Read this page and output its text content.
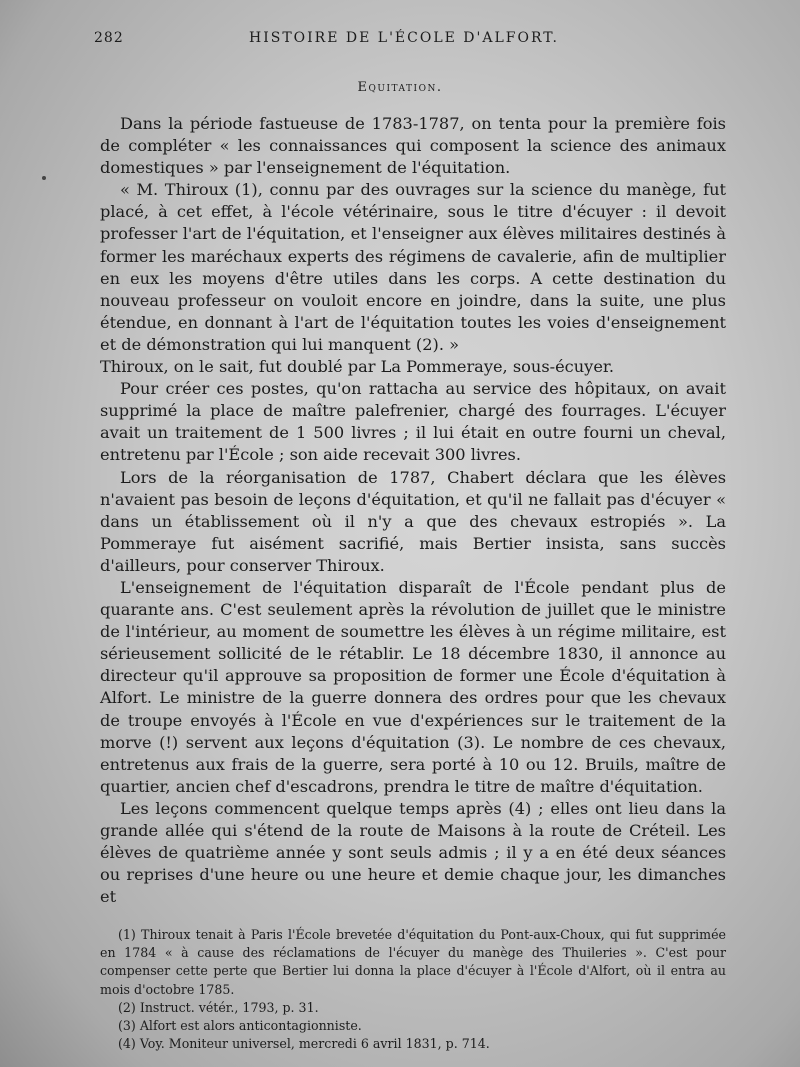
282	HISTOIRE DE L'ÉCOLE D'ALFORT.
Equitation.

Dans la période fastueuse de 1783-1787, on tenta pour la première fois de compléter « les connaissances qui composent la science des animaux domestiques » par l'enseignement de l'équitation.

« M. Thiroux (1), connu par des ouvrages sur la science du manège, fut placé, à cet effet, à l'école vétérinaire, sous le titre d'écuyer : il devoit professer l'art de l'équitation, et l'enseigner aux élèves militaires destinés à former les maréchaux experts des régimens de cavalerie, afin de multiplier en eux les moyens d'être utiles dans les corps. A cette destination du nouveau professeur on vouloit encore en joindre, dans la suite, une plus étendue, en donnant à l'art de l'équitation toutes les voies d'enseignement et de démonstration qui lui manquent (2). »

Thiroux, on le sait, fut doublé par La Pommeraye, sous-écuyer.

Pour créer ces postes, qu'on rattacha au service des hôpitaux, on avait supprimé la place de maître palefrenier, chargé des fourrages. L'écuyer avait un traitement de 1 500 livres ; il lui était en outre fourni un cheval, entretenu par l'École ; son aide recevait 300 livres.

Lors de la réorganisation de 1787, Chabert déclara que les élèves n'avaient pas besoin de leçons d'équitation, et qu'il ne fallait pas d'écuyer « dans un établissement où il n'y a que des chevaux estropiés ». La Pommeraye fut aisément sacrifié, mais Bertier insista, sans succès d'ailleurs, pour conserver Thiroux.

L'enseignement de l'équitation disparaît de l'École pendant plus de quarante ans. C'est seulement après la révolution de juillet que le ministre de l'intérieur, au moment de soumettre les élèves à un régime militaire, est sérieusement sollicité de le rétablir. Le 18 décembre 1830, il annonce au directeur qu'il approuve sa proposition de former une École d'équitation à Alfort. Le ministre de la guerre donnera des ordres pour que les chevaux de troupe envoyés à l'École en vue d'expériences sur le traitement de la morve (!) servent aux leçons d'équitation (3). Le nombre de ces chevaux, entretenus aux frais de la guerre, sera porté à 10 ou 12. Bruils, maître de quartier, ancien chef d'escadrons, prendra le titre de maître d'équitation.

Les leçons commencent quelque temps après (4) ; elles ont lieu dans la grande allée qui s'étend de la route de Maisons à la route de Créteil. Les élèves de quatrième année y sont seuls admis ; il y a en été deux séances ou reprises d'une heure ou une heure et demie chaque jour, les dimanches et

(1) Thiroux tenait à Paris l'École brevetée d'équitation du Pont-aux-Choux, qui fut supprimée en 1784 « à cause des réclamations de l'écuyer du manège des Thuileries ». C'est pour compenser cette perte que Bertier lui donna la place d'écuyer à l'École d'Alfort, où il entra au mois d'octobre 1785.

(2) Instruct. vétér., 1793, p. 31.

(3) Alfort est alors anticontagionniste.

(4) Voy. Moniteur universel, mercredi 6 avril 1831, p. 714.
